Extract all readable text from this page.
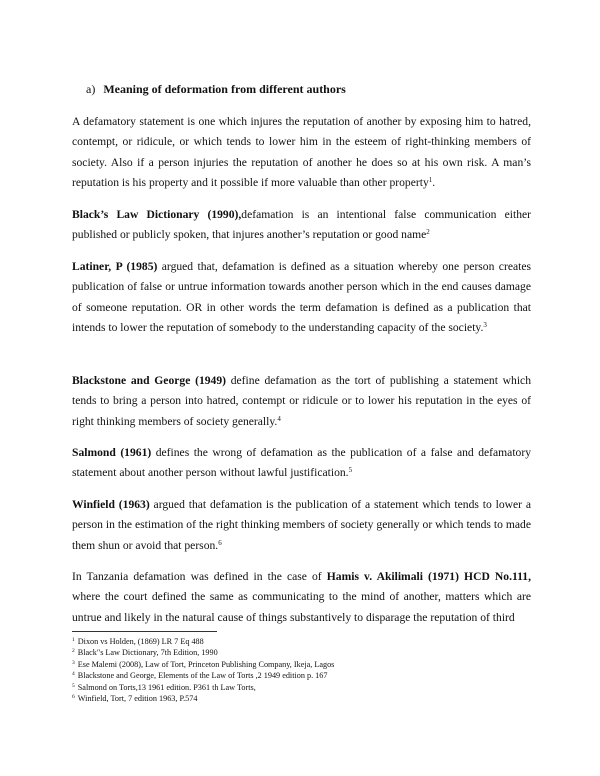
a) Meaning of deformation from different authors

A defamatory statement is one which injures the reputation of another by exposing him to hatred, contempt, or ridicule, or which tends to lower him in the esteem of right-thinking members of society. Also if a person injuries the reputation of another he does so at his own risk. A man’s reputation is his property and it possible if more valuable than other property$^1$.

Black’s Law Dictionary (1990),defamation is an intentional false communication either published or publicly spoken, that injures another’s reputation or good name$^2$

Latiner, P (1985) argued that, defamation is defined as a situation whereby one person creates publication of false or untrue information towards another person which in the end causes damage of someone reputation. OR in other words the term defamation is defined as a publication that intends to lower the reputation of somebody to the understanding capacity of the society.$^3$

Blackstone and George (1949) define defamation as the tort of publishing a statement which tends to bring a person into hatred, contempt or ridicule or to lower his reputation in the eyes of right thinking members of society generally.$^4$

Salmond (1961) defines the wrong of defamation as the publication of a false and defamatory statement about another person without lawful justification.$^5$

Winfield (1963) argued that defamation is the publication of a statement which tends to lower a person in the estimation of the right thinking members of society generally or which tends to made them shun or avoid that person.$^6$

In Tanzania defamation was defined in the case of Hamis v. Akilimali (1971) HCD No.111, where the court defined the same as communicating to the mind of another, matters which are untrue and likely in the natural cause of things substantively to disparage the reputation of third

$^1$ Dixon vs Holden, (1869) LR 7 Eq 488
$^2$ Black"s Law Dictionary, 7th Edition, 1990
$^3$ Ese Malemi (2008), Law of Tort, Princeton Publishing Company, Ikeja, Lagos
$^4$ Blackstone and George, Elements of the Law of Torts ,2 1949 edition p. 167
$^5$ Salmond on Torts,13 1961 edition. P361 th Law Torts,
$^6$ Winfield, Tort, 7 edition 1963, P.574
